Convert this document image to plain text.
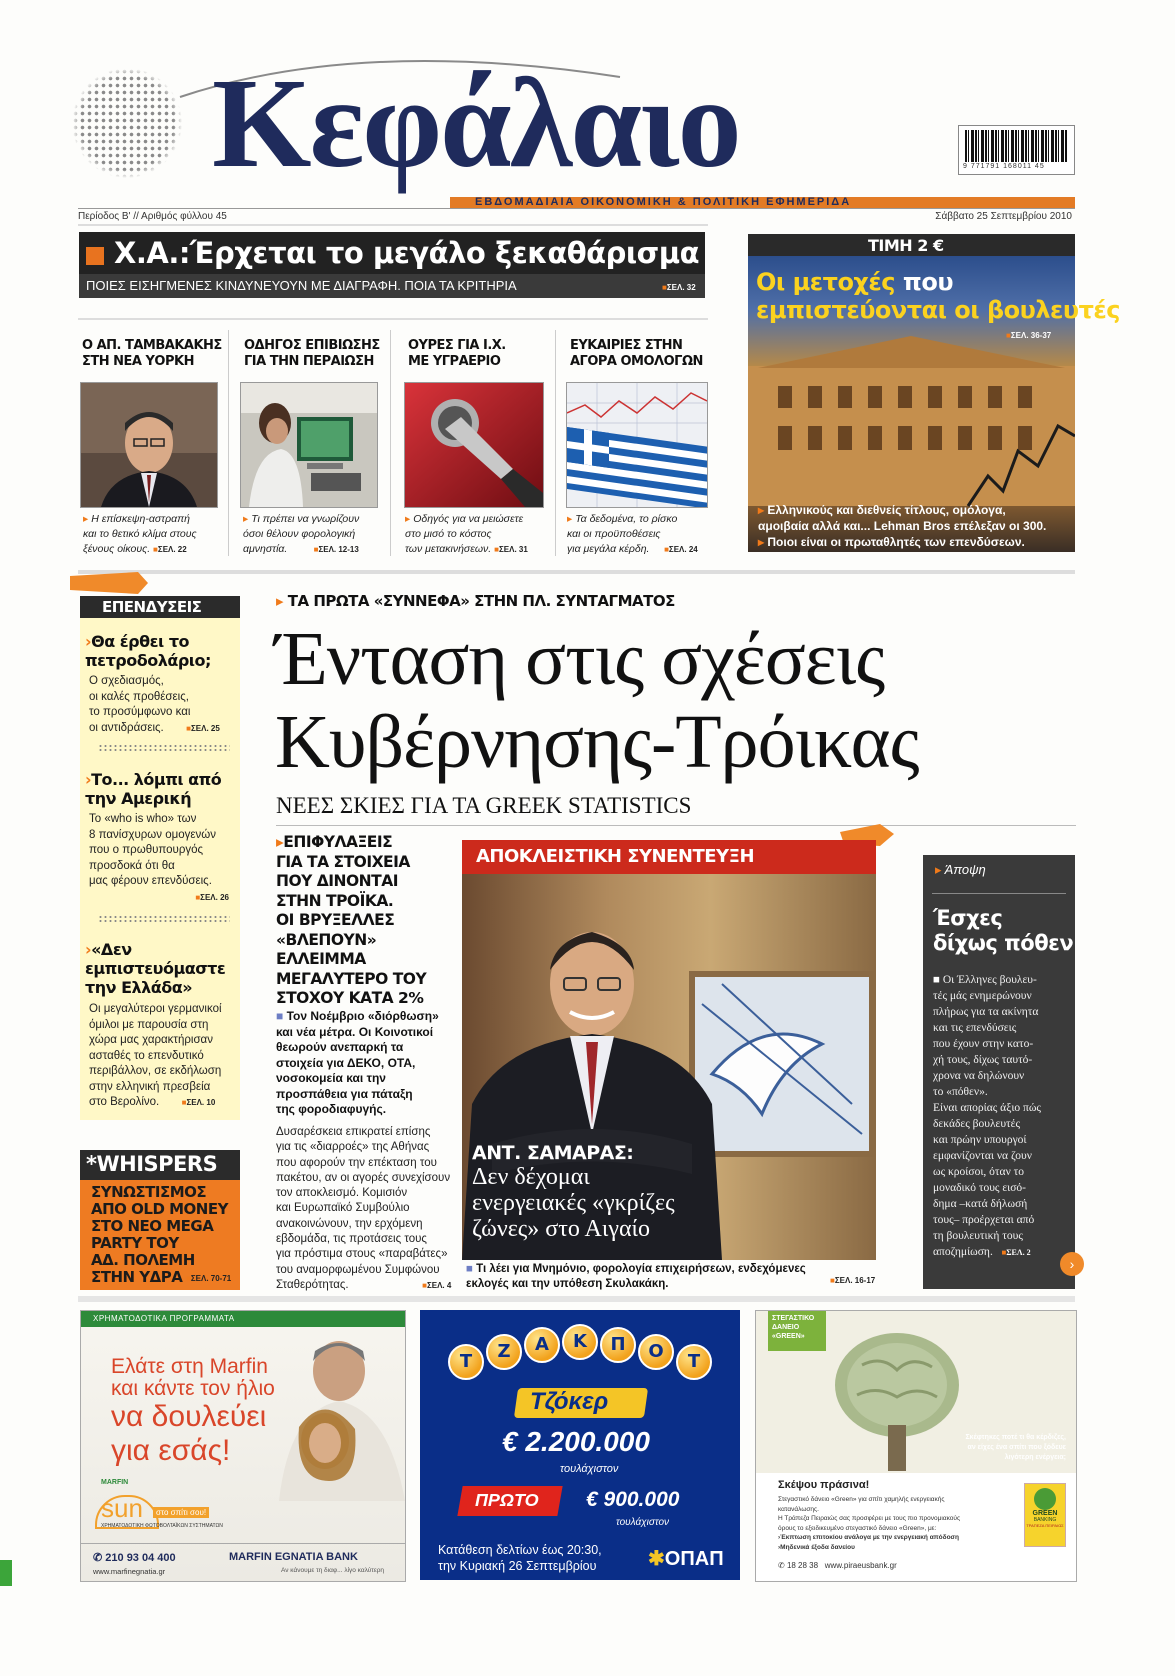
Κεφάλαιο
ΕΒΔΟΜΑΔΙΑΙΑ ΟΙΚΟΝΟΜΙΚΗ & ΠΟΛΙΤΙΚΗ ΕΦΗΜΕΡΙΔΑ
9 771791 168011 45
Περίοδος Β' // Αριθμός φύλλου 45	Σάββατο 25 Σεπτεμβρίου 2010
Χ.Α.:Έρχεται το μεγάλο ξεκαθάρισμα
ΠΟΙΕΣ ΕΙΣΗΓΜΕΝΕΣ ΚΙΝΔΥΝΕΥΟΥΝ ΜΕ ΔΙΑΓΡΑΦΗ. ΠΟΙΑ ΤΑ ΚΡΙΤΗΡΙΑ	■ ΣΕΛ. 32
Ο ΑΠ. ΤΑΜΒΑΚΑΚΗΣ
ΣΤΗ ΝΕΑ ΥΟΡΚΗ
▸ Η επίσκεψη-αστραπή
και το θετικό κλίμα στους
ξένους οίκους. ■ ΣΕΛ. 22
ΟΔΗΓΟΣ ΕΠΙΒΙΩΣΗΣ
ΓΙΑ ΤΗΝ ΠΕΡΑΙΩΣΗ
▸ Τι πρέπει να γνωρίζουν
όσοι θέλουν φορολογική
αμνηστία.	■ ΣΕΛ. 12-13
ΟΥΡΕΣ ΓΙΑ Ι.Χ.
ΜΕ ΥΓΡΑΕΡΙΟ
▸ Οδηγός για να μειώσετε
στο μισό το κόστος
των μετακινήσεων. ■ ΣΕΛ. 31
ΕΥΚΑΙΡΙΕΣ ΣΤΗΝ
ΑΓΟΡΑ ΟΜΟΛΟΓΩΝ
▸ Τα δεδομένα, το ρίσκο
και οι προϋποθέσεις
για μεγάλα κέρδη. ■ ΣΕΛ. 24
ΤΙΜΗ 2 €
Οι μετοχές που
εμπιστεύονται οι βουλευτές
■ ΣΕΛ. 36-37
▸ Ελληνικούς και διεθνείς τίτλους, ομόλογα,
αμοιβαία αλλά και... Lehman Bros επέλεξαν οι 300.
▸ Ποιοι είναι οι πρωταθλητές των επενδύσεων.
ΕΠΕΝΔΥΣΕΙΣ
›Θα έρθει το
πετροδολάριο;
Ο σχεδιασμός,
οι καλές προθέσεις,
το προσύμφωνο και
οι αντιδράσεις.	■ ΣΕΛ. 25
›Το... λόμπι από
την Αμερική
Το «who is who» των
8 πανίσχυρων ομογενών
που ο πρωθυπουργός
προσδοκά ότι θα
μας φέρουν επενδύσεις.
■ ΣΕΛ. 26
›«Δεν
εμπιστευόμαστε
την Ελλάδα»
Οι μεγαλύτεροι γερμανικοί
όμιλοι με παρουσία στη
χώρα μας χαρακτήρισαν
ασταθές το επενδυτικό
περιβάλλον, σε εκδήλωση
στην ελληνική πρεσβεία
στο Βερολίνο.	■ ΣΕΛ. 10
▸ ΤΑ ΠΡΩΤΑ «ΣΥΝΝΕΦΑ» ΣΤΗΝ ΠΛ. ΣΥΝΤΑΓΜΑΤΟΣ
Ένταση στις σχέσεις
Κυβέρνησης-Τρόικας
ΝΕΕΣ ΣΚΙΕΣ ΓΙΑ ΤΑ GREEK STATISTICS
▸ΕΠΙΦΥΛΑΞΕΙΣ
ΓΙΑ ΤΑ ΣΤΟΙΧΕΙΑ
ΠΟΥ ΔΙΝΟΝΤΑΙ
ΣΤΗΝ ΤΡΟΪΚΑ.
ΟΙ ΒΡΥΞΕΛΛΕΣ
«ΒΛΕΠΟΥΝ»
ΕΛΛΕΙΜΜΑ
ΜΕΓΑΛΥΤΕΡΟ ΤΟΥ
ΣΤΟΧΟΥ ΚΑΤΑ 2%
■ Τον Νοέμβριο «διόρθωση»
και νέα μέτρα. Οι Κοινοτικοί
θεωρούν ανεπαρκή τα
στοιχεία για ΔΕΚΟ, ΟΤΑ,
νοσοκομεία και την
προσπάθεια για πάταξη
της φοροδιαφυγής.
Δυσαρέσκεια επικρατεί επίσης
για τις «διαρροές» της Αθήνας
που αφορούν την επέκταση του
πακέτου, αν οι αγορές συνεχίσουν
τον αποκλεισμό. Κομισιόν
και Ευρωπαϊκό Συμβούλιο
ανακοινώνουν, την ερχόμενη
εβδομάδα, τις προτάσεις τους
για πρόστιμα στους «παραβάτες»
του αναμορφωμένου Συμφώνου
Σταθερότητας.	■ ΣΕΛ. 4
ΑΠΟΚΛΕΙΣΤΙΚΗ ΣΥΝΕΝΤΕΥΞΗ
ΑΝΤ. ΣΑΜΑΡΑΣ:
Δεν δέχομαι
ενεργειακές «γκρίζες
ζώνες» στο Αιγαίο
■ Τι λέει για Μνημόνιο, φορολογία επιχειρήσεων, ενδεχόμενες
εκλογές και την υπόθεση Σκυλακάκη.	■ ΣΕΛ. 16-17
▸ Άποψη
Έσχες
δίχως πόθεν
■ Οι Έλληνες βουλευ-
τές μάς ενημερώνουν
πλήρως για τα ακίνητα
και τις επενδύσεις
που έχουν στην κατο-
χή τους, δίχως ταυτό-
χρονα να δηλώνουν
το «πόθεν».
Είναι απορίας άξιο πώς
δεκάδες βουλευτές
και πρώην υπουργοί
εμφανίζονται να ζουν
ως κροίσοι, όταν το
μοναδικό τους εισό-
δημα –κατά δήλωσή
τους– προέρχεται από
τη βουλευτική τους
αποζημίωση. ■ ΣΕΛ. 2
›
*WHISPERS
ΣΥΝΩΣΤΙΣΜΟΣ
ΑΠΟ OLD MONEY
ΣΤΟ ΝΕΟ MEGA
PARTY ΤΟΥ
ΑΔ. ΠΟΛΕΜΗ
ΣΤΗΝ ΥΔΡΑ	■ ΣΕΛ. 70-71
ΧΡΗΜΑΤΟΔΟΤΙΚΑ ΠΡΟΓΡΑΜΜΑΤΑ
Ελάτε στη Marfin
και κάντε τον ήλιο
να δουλεύει
για εσάς!
MARFIN
sun	στο σπίτι σου!
ΧΡΗΜΑΤΟΔΟΤΙΚΗ ΦΩΤΟΒΟΛΤΑΪΚΩΝ ΣΥΣΤΗΜΑΤΩΝ
✆ 210 93 04 400
www.marfinegnatia.gr
MARFIN EGNATIA BANK
Αν κάνουμε τη διαφ... λίγο καλύτερη
Τ	Ζ	Α	Κ	Π	Ο	Τ
Τζόκερ
€ 2.200.000
τουλάχιστον
ΠΡΩΤΟ € 900.000
τουλάχιστον
Κατάθεση δελτίων έως 20:30,
την Κυριακή 26 Σεπτεμβρίου	✱ΟΠΑΠ
ΣΤΕΓΑΣΤΙΚΟ
ΔΑΝΕΙΟ
«GREEN»
Σκέφτηκες ποτέ τι θα κέρδιζες,
αν είχες ένα σπίτι που ξόδευε
λιγότερη ενέργεια;
Σκέψου πράσινα!
Στεγαστικό δάνειο «Green» για σπίτι χαμηλής ενεργειακής
κατανάλωσης.
Η Τράπεζα Πειραιώς σας προσφέρει με τους πιο προνομιακούς
όρους το εξειδικευμένο στεγαστικό δάνειο «Green», με:
›Έκπτωση επιτοκίου ανάλογα με την ενεργειακή απόδοση
›Μηδενικά έξοδα δανείου
✆ 18 28 38 www.piraeusbank.gr
GREEN
BANKING
ΤΡΑΠΕΖΑ ΠΕΙΡΑΙΩΣ
